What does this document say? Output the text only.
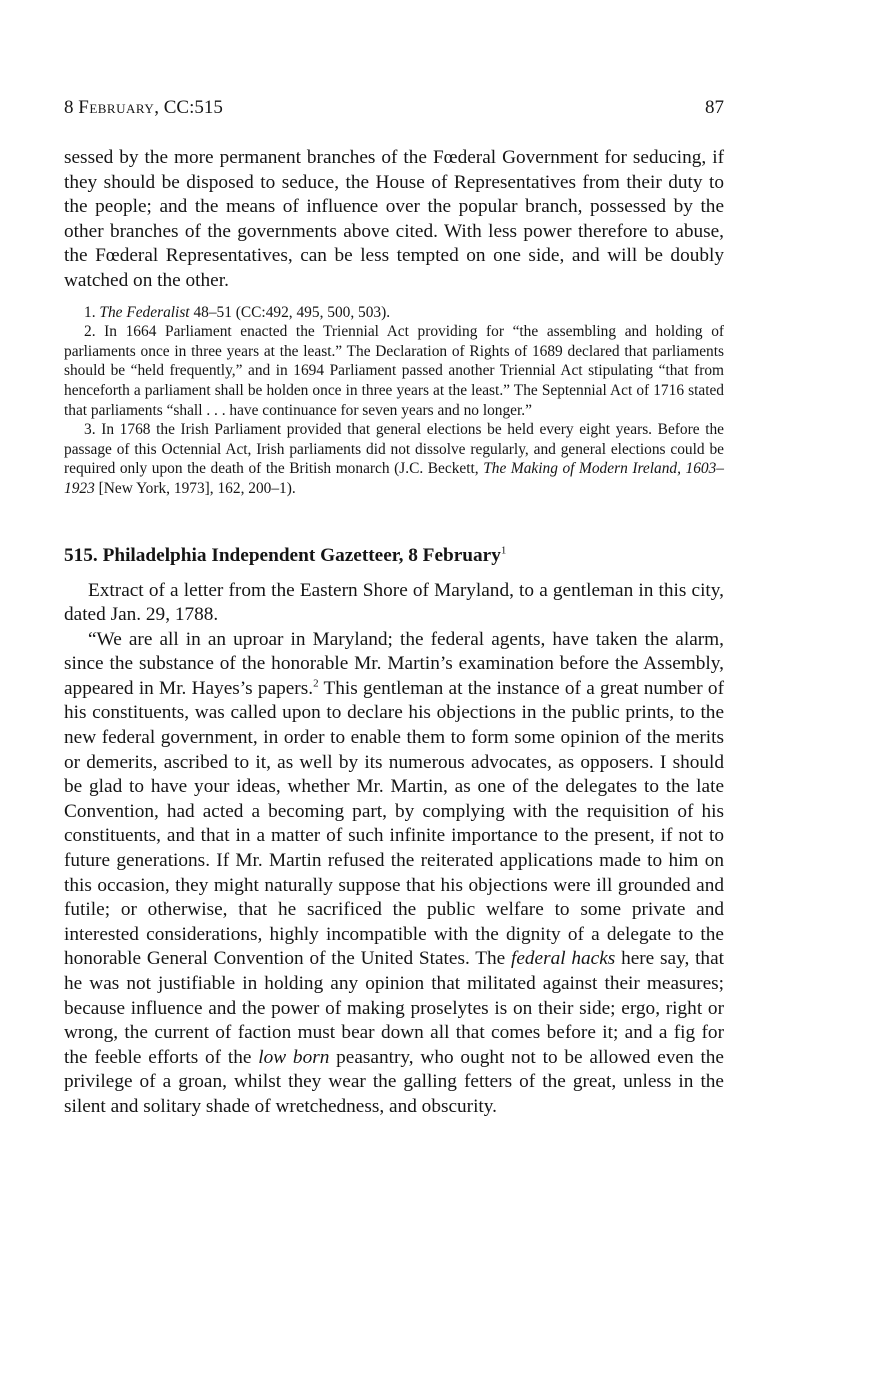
8 February, CC:515	87

sessed by the more permanent branches of the Fœderal Government for seducing, if they should be disposed to seduce, the House of Representatives from their duty to the people; and the means of influence over the popular branch, possessed by the other branches of the governments above cited. With less power therefore to abuse, the Fœderal Representatives, can be less tempted on one side, and will be doubly watched on the other.

1. The Federalist 48–51 (CC:492, 495, 500, 503).

2. In 1664 Parliament enacted the Triennial Act providing for “the assembling and holding of parliaments once in three years at the least.” The Declaration of Rights of 1689 declared that parliaments should be “held frequently,” and in 1694 Parliament passed another Triennial Act stipulating “that from henceforth a parliament shall be holden once in three years at the least.” The Septennial Act of 1716 stated that parliaments “shall . . . have continuance for seven years and no longer.”

3. In 1768 the Irish Parliament provided that general elections be held every eight years. Before the passage of this Octennial Act, Irish parliaments did not dissolve regularly, and general elections could be required only upon the death of the British monarch (J.C. Beckett, The Making of Modern Ireland, 1603–1923 [New York, 1973], 162, 200–1).

515. Philadelphia Independent Gazetteer, 8 February$^1$

Extract of a letter from the Eastern Shore of Maryland, to a gentleman in this city, dated Jan. 29, 1788.

“We are all in an uproar in Maryland; the federal agents, have taken the alarm, since the substance of the honorable Mr. Martin’s examination before the Assembly, appeared in Mr. Hayes’s papers.$^2$ This gentleman at the instance of a great number of his constituents, was called upon to declare his objections in the public prints, to the new federal government, in order to enable them to form some opinion of the merits or demerits, ascribed to it, as well by its numerous advocates, as opposers. I should be glad to have your ideas, whether Mr. Martin, as one of the delegates to the late Convention, had acted a becoming part, by complying with the requisition of his constituents, and that in a matter of such infinite importance to the present, if not to future generations. If Mr. Martin refused the reiterated applications made to him on this occasion, they might naturally suppose that his objections were ill grounded and futile; or otherwise, that he sacrificed the public welfare to some private and interested considerations, highly incompatible with the dignity of a delegate to the honorable General Convention of the United States. The federal hacks here say, that he was not justifiable in holding any opinion that militated against their measures; because influence and the power of making proselytes is on their side; ergo, right or wrong, the current of faction must bear down all that comes before it; and a fig for the feeble efforts of the low born peasantry, who ought not to be allowed even the privilege of a groan, whilst they wear the galling fetters of the great, unless in the silent and solitary shade of wretchedness, and obscurity.
